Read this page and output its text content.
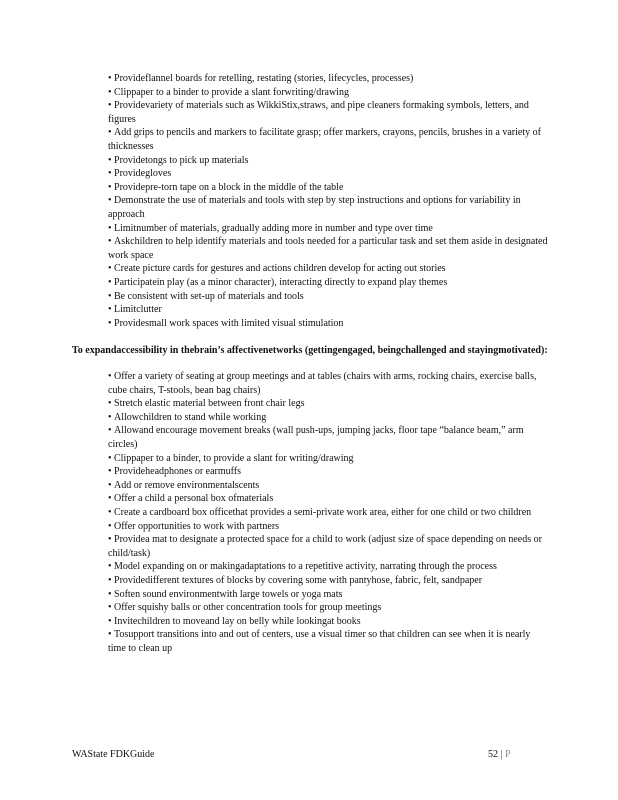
• Provideflannel boards for retelling, restating (stories, lifecycles, processes)
• Clippaper to a binder to provide a slant forwriting/drawing
• Providevariety of materials such as WikkiStix,straws, and pipe cleaners formaking symbols, letters, and figures
• Add grips to pencils and markers to facilitate grasp; offer markers, crayons, pencils, brushes in a variety of thicknesses
• Providetongs to pick up materials
• Providegloves
• Providepre-torn tape on a block in the middle of the table
• Demonstrate the use of materials and tools with step by step instructions and options for variability in approach
• Limitnumber of materials, gradually adding more in number and type over time
• Askchildren to help identify materials and tools needed for a particular task and set them aside in designated work space
• Create picture cards for gestures and actions children develop for acting out stories
• Participatein play (as a minor character), interacting directly to expand play themes
• Be consistent with set-up of materials and tools
• Limitclutter
• Providesmall work spaces with limited visual stimulation
To expandaccessibility in thebrain’s affectivenetworks (gettingengaged, beingchallenged and stayingmotivated):
• Offer a variety of seating at group meetings and at tables (chairs with arms, rocking chairs, exercise balls, cube chairs, T-stools, bean bag chairs)
• Stretch elastic material between front chair legs
• Allowchildren to stand while working
• Allowand encourage movement breaks (wall push-ups, jumping jacks, floor tape “balance beam,” arm circles)
• Clippaper to a binder, to provide a slant for writing/drawing
• Provideheadphones or earmuffs
• Add or remove environmentalscents
• Offer a child a personal box ofmaterials
• Create a cardboard box officethat provides a semi-private work area, either for one child or two children
• Offer opportunities to work with partners
• Providea mat to designate a protected space for a child to work (adjust size of space depending on needs or child/task)
• Model expanding on or makingadaptations to a repetitive activity, narrating through the process
• Providedifferent textures of blocks by covering some with pantyhose, fabric, felt, sandpaper
• Soften sound environmentwith large towels or yoga mats
• Offer squishy balls or other concentration tools for group meetings
• Invitechildren to moveand lay on belly while lookingat books
• Tosupport transitions into and out of centers, use a visual timer so that children can see when it is nearly time to clean up
WAState FDKGuide	52 | P
